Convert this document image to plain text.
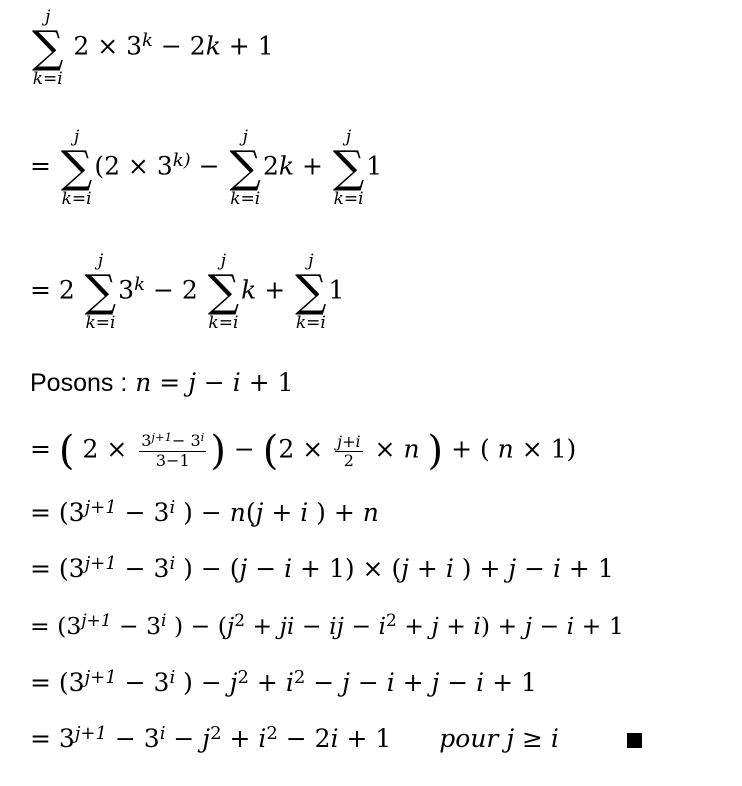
j
∑
k=i
$2 \times 3^k - 2k + 1$
=
j
∑
k=i
($2 \times 3^{k)}$ −
j
∑
k=i
2k +
j
∑
k=i
1
= 2
j
∑
k=i
$3^k - 2$
j
∑
k=i
k +
j
∑
k=i
1
Posons : n = j − i + 1
= ( $2 \times \frac{3^{j+1}- 3^i}{3-1}$ ) − ($2 \times \frac{j+i}{2} \times n$ ) + ( n × 1)
= ($3^{j+1} - 3^i$ ) − n(j + i ) + n
= ($3^{j+1} - 3^i$ ) − (j − i + 1) × (j + i ) + j − i + 1
= ($3^{j+1} - 3^i$ ) − ($j^2$ + ji − ij − $i^2 + j + i) + j - i + 1$
= ($3^{j+1} - 3^i$ ) − $j^2 + i^2 - j - i + j - i + 1$
= $3^{j+1} - 3^i - j^2 + i^2 - 2i + 1$ pour j ≥ i
